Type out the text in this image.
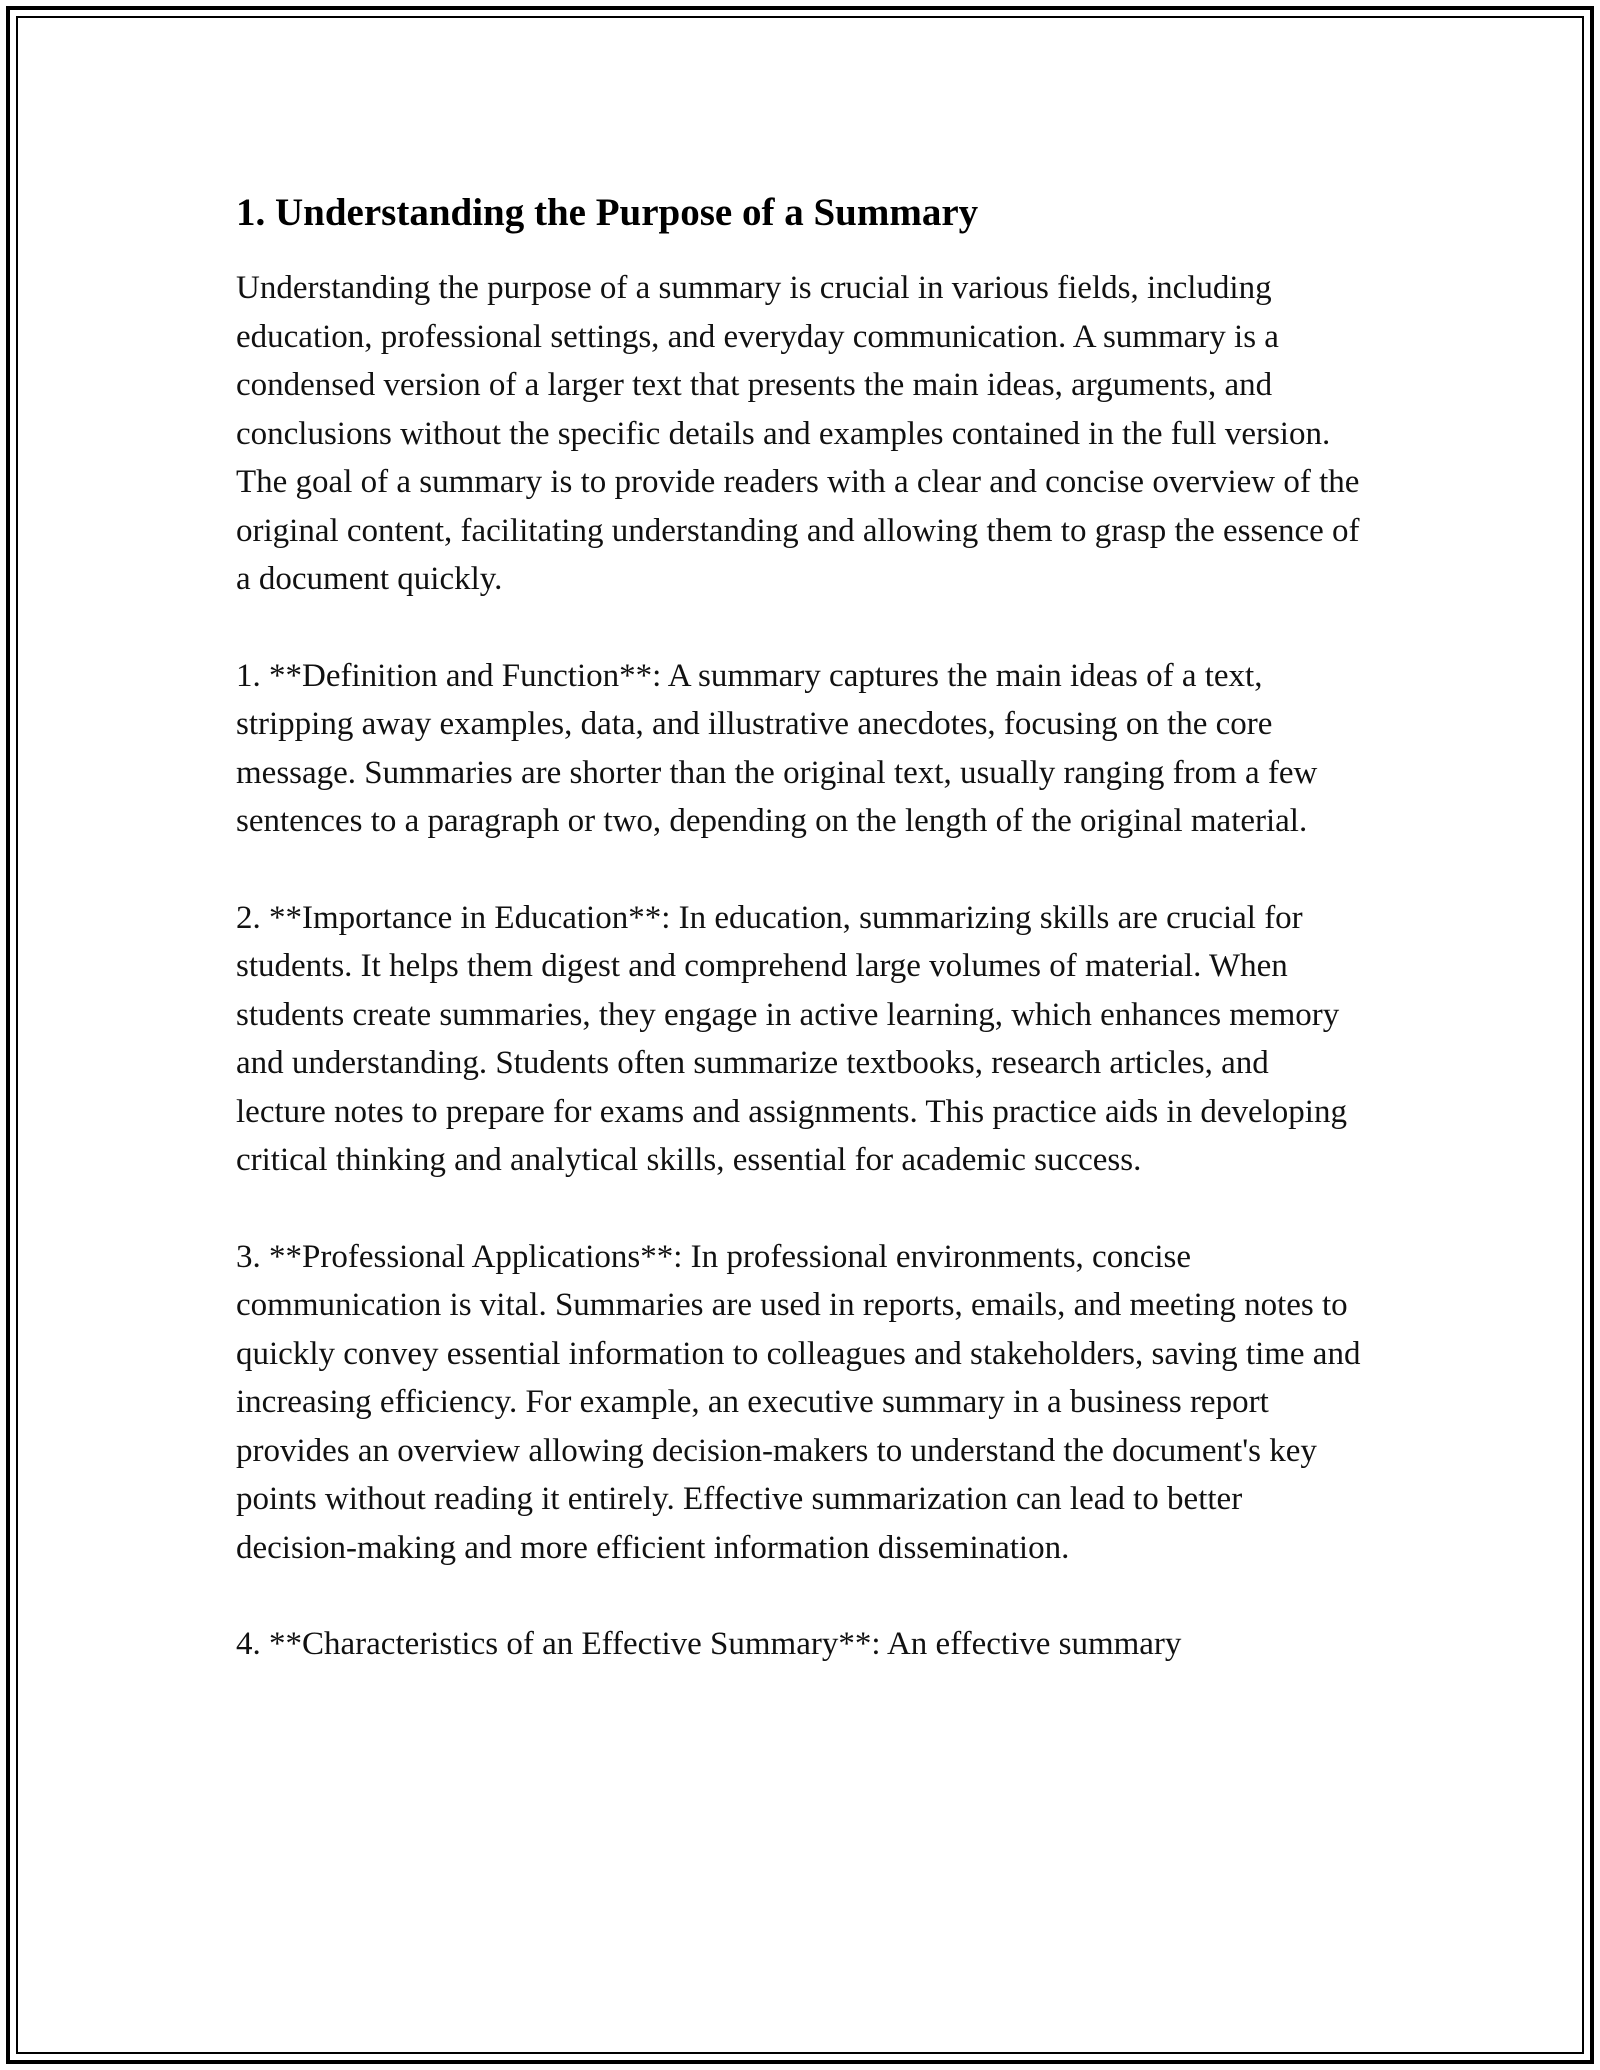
1. Understanding the Purpose of a Summary

Understanding the purpose of a summary is crucial in various fields, including education, professional settings, and everyday communication. A summary is a condensed version of a larger text that presents the main ideas, arguments, and conclusions without the specific details and examples contained in the full version. The goal of a summary is to provide readers with a clear and concise overview of the original content, facilitating understanding and allowing them to grasp the essence of a document quickly.

1. **Definition and Function**: A summary captures the main ideas of a text, stripping away examples, data, and illustrative anecdotes, focusing on the core message. Summaries are shorter than the original text, usually ranging from a few sentences to a paragraph or two, depending on the length of the original material.

2. **Importance in Education**: In education, summarizing skills are crucial for students. It helps them digest and comprehend large volumes of material. When students create summaries, they engage in active learning, which enhances memory and understanding. Students often summarize textbooks, research articles, and lecture notes to prepare for exams and assignments. This practice aids in developing critical thinking and analytical skills, essential for academic success.

3. **Professional Applications**: In professional environments, concise communication is vital. Summaries are used in reports, emails, and meeting notes to quickly convey essential information to colleagues and stakeholders, saving time and increasing efficiency. For example, an executive summary in a business report provides an overview allowing decision-makers to understand the document's key points without reading it entirely. Effective summarization can lead to better decision-making and more efficient information dissemination.

4. **Characteristics of an Effective Summary**: An effective summary
